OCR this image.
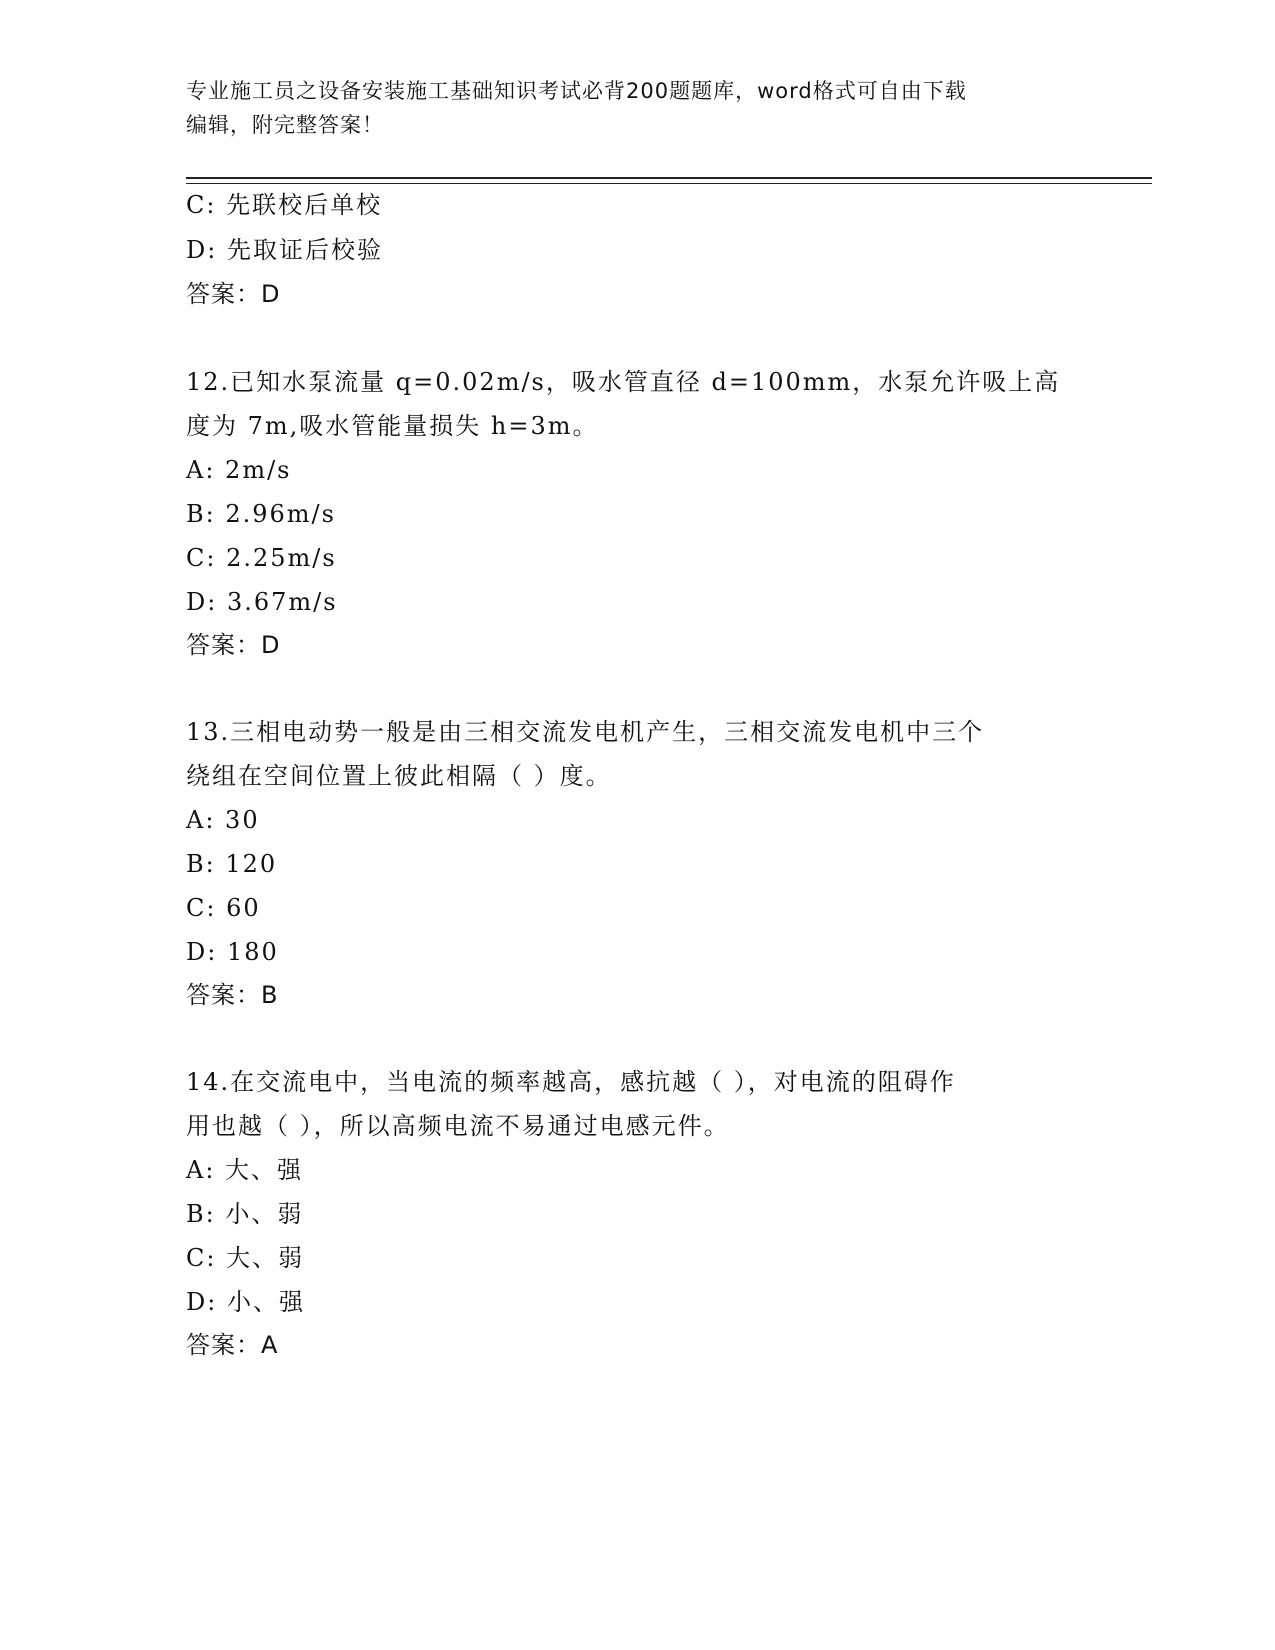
专业施工员之设备安装施工基础知识考试必背200题题库，word格式可自由下载
编辑，附完整答案！
C: 先联校后单校
D: 先取证后校验
答案：D
12.已知水泵流量 q=0.02m/s，吸水管直径 d=100mm，水泵允许吸上高
度为 7m,吸水管能量损失 h=3m。
A: 2m/s
B: 2.96m/s
C: 2.25m/s
D: 3.67m/s
答案：D
13.三相电动势一般是由三相交流发电机产生，三相交流发电机中三个
绕组在空间位置上彼此相隔（ ）度。
A: 30
B: 120
C: 60
D: 180
答案：B
14.在交流电中，当电流的频率越高，感抗越（ ），对电流的阻碍作
用也越（ ），所以高频电流不易通过电感元件。
A: 大、强
B: 小、弱
C: 大、弱
D: 小、强
答案：A
